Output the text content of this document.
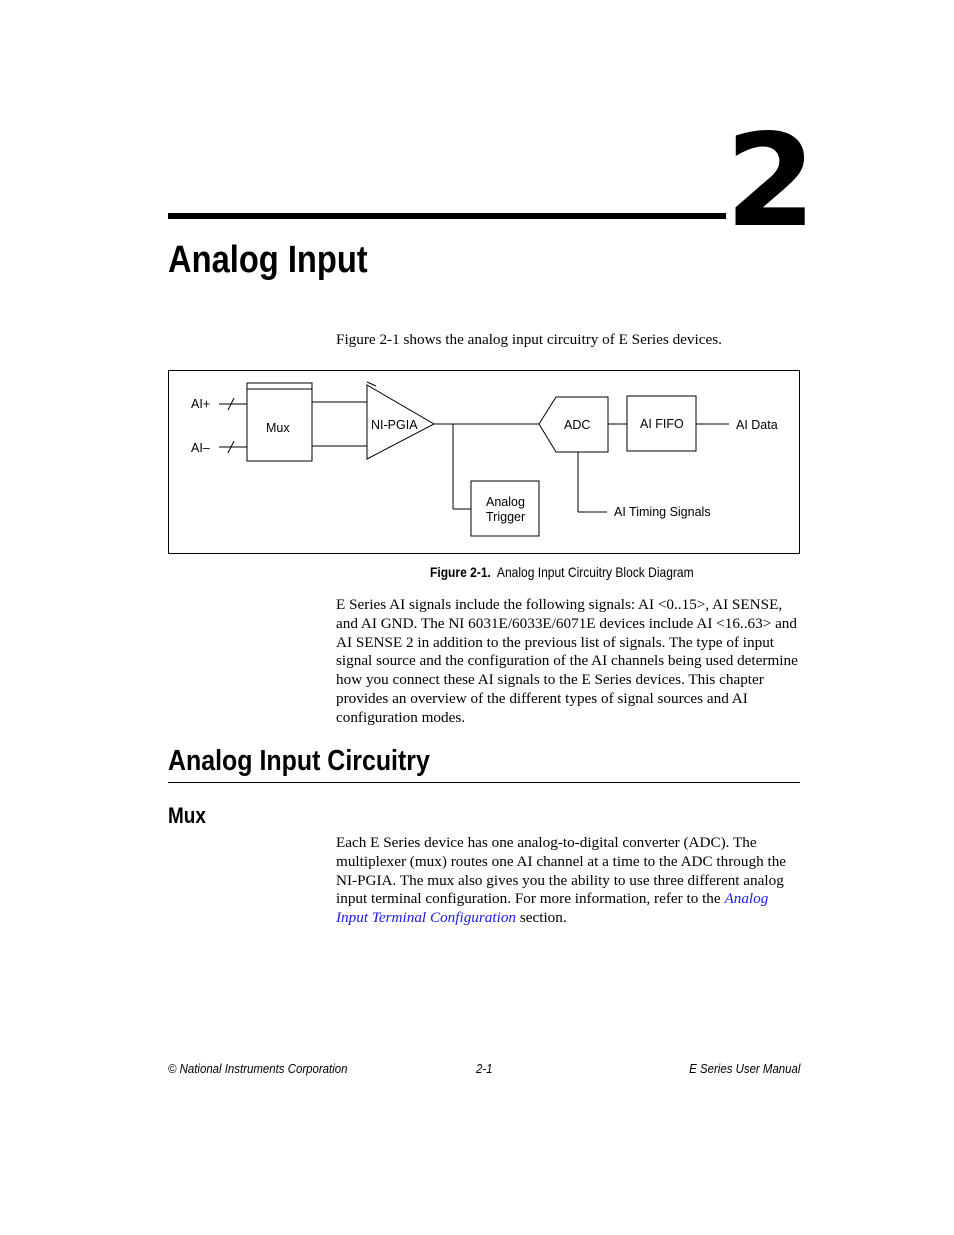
2
Analog Input

Figure 2-1 shows the analog input circuitry of E Series devices.

AI+
AI–
Mux	NI-PGIA	ADC	AI FIFO	AI Data
Analog
Trigger	AI Timing Signals
Figure 2-1. Analog Input Circuitry Block Diagram

E Series AI signals include the following signals: AI <0..15>, AI SENSE, and AI GND. The NI 6031E/6033E/6071E devices include AI <16..63> and AI SENSE 2 in addition to the previous list of signals. The type of input signal source and the configuration of the AI channels being used determine how you connect these AI signals to the E Series devices. This chapter provides an overview of the different types of signal sources and AI configuration modes.

Analog Input Circuitry
Mux

Each E Series device has one analog-to-digital converter (ADC). The multiplexer (mux) routes one AI channel at a time to the ADC through the NI-PGIA. The mux also gives you the ability to use three different analog input terminal configuration. For more information, refer to the Analog Input Terminal Configuration section.

© National Instruments Corporation	2-1	E Series User Manual
